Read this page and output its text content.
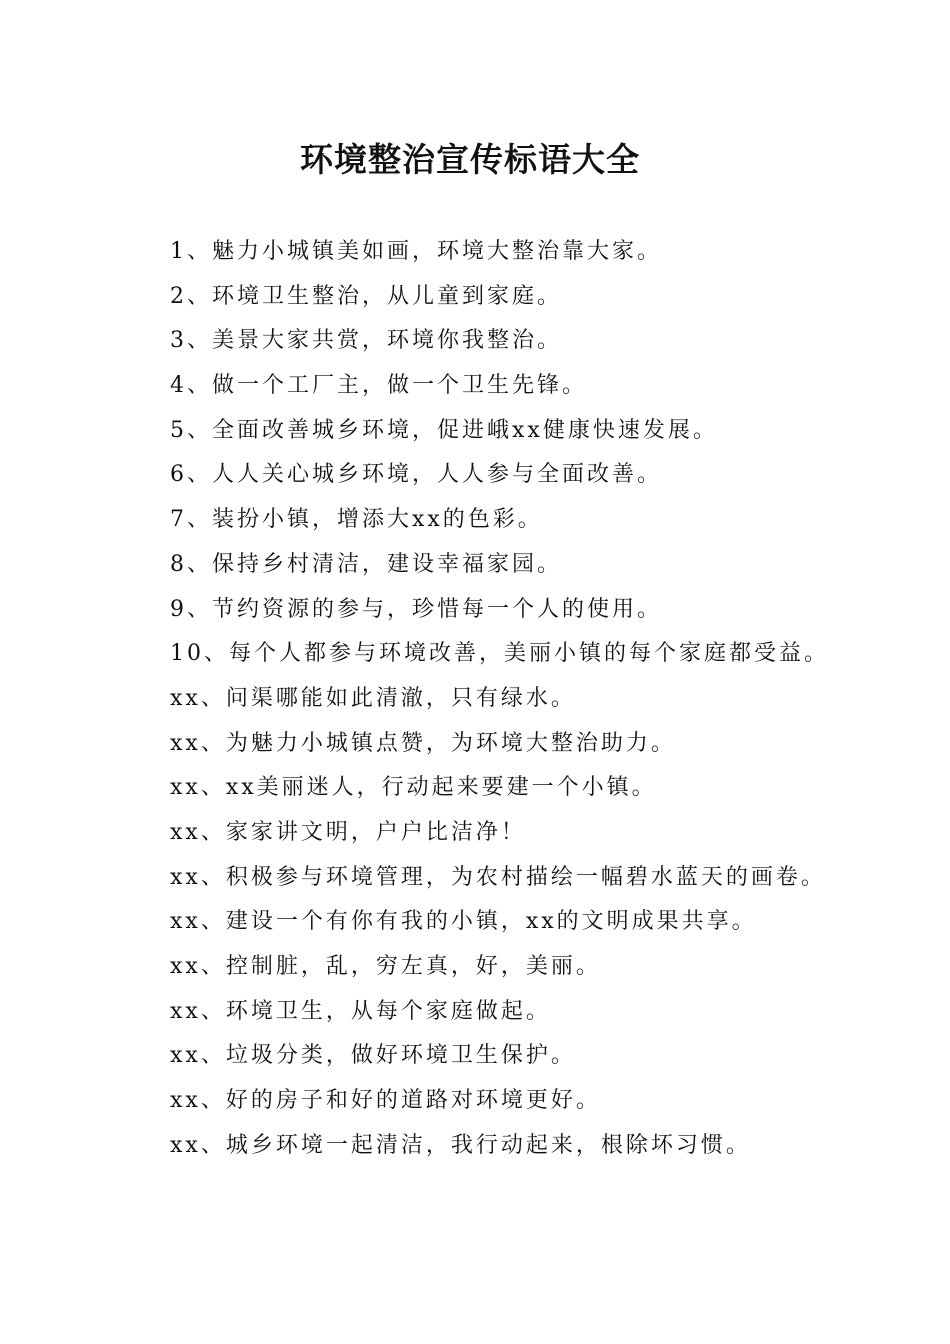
环境整治宣传标语大全
1、魅力小城镇美如画，环境大整治靠大家。
2、环境卫生整治，从儿童到家庭。
3、美景大家共赏，环境你我整治。
4、做一个工厂主，做一个卫生先锋。
5、全面改善城乡环境，促进峨xx健康快速发展。
6、人人关心城乡环境，人人参与全面改善。
7、装扮小镇，增添大xx的色彩。
8、保持乡村清洁，建设幸福家园。
9、节约资源的参与，珍惜每一个人的使用。
10、每个人都参与环境改善，美丽小镇的每个家庭都受益。
xx、问渠哪能如此清澈，只有绿水。
xx、为魅力小城镇点赞，为环境大整治助力。
xx、xx美丽迷人，行动起来要建一个小镇。
xx、家家讲文明，户户比洁净！
xx、积极参与环境管理，为农村描绘一幅碧水蓝天的画卷。
xx、建设一个有你有我的小镇，xx的文明成果共享。
xx、控制脏，乱，穷左真，好，美丽。
xx、环境卫生，从每个家庭做起。
xx、垃圾分类，做好环境卫生保护。
xx、好的房子和好的道路对环境更好。
xx、城乡环境一起清洁，我行动起来，根除坏习惯。
